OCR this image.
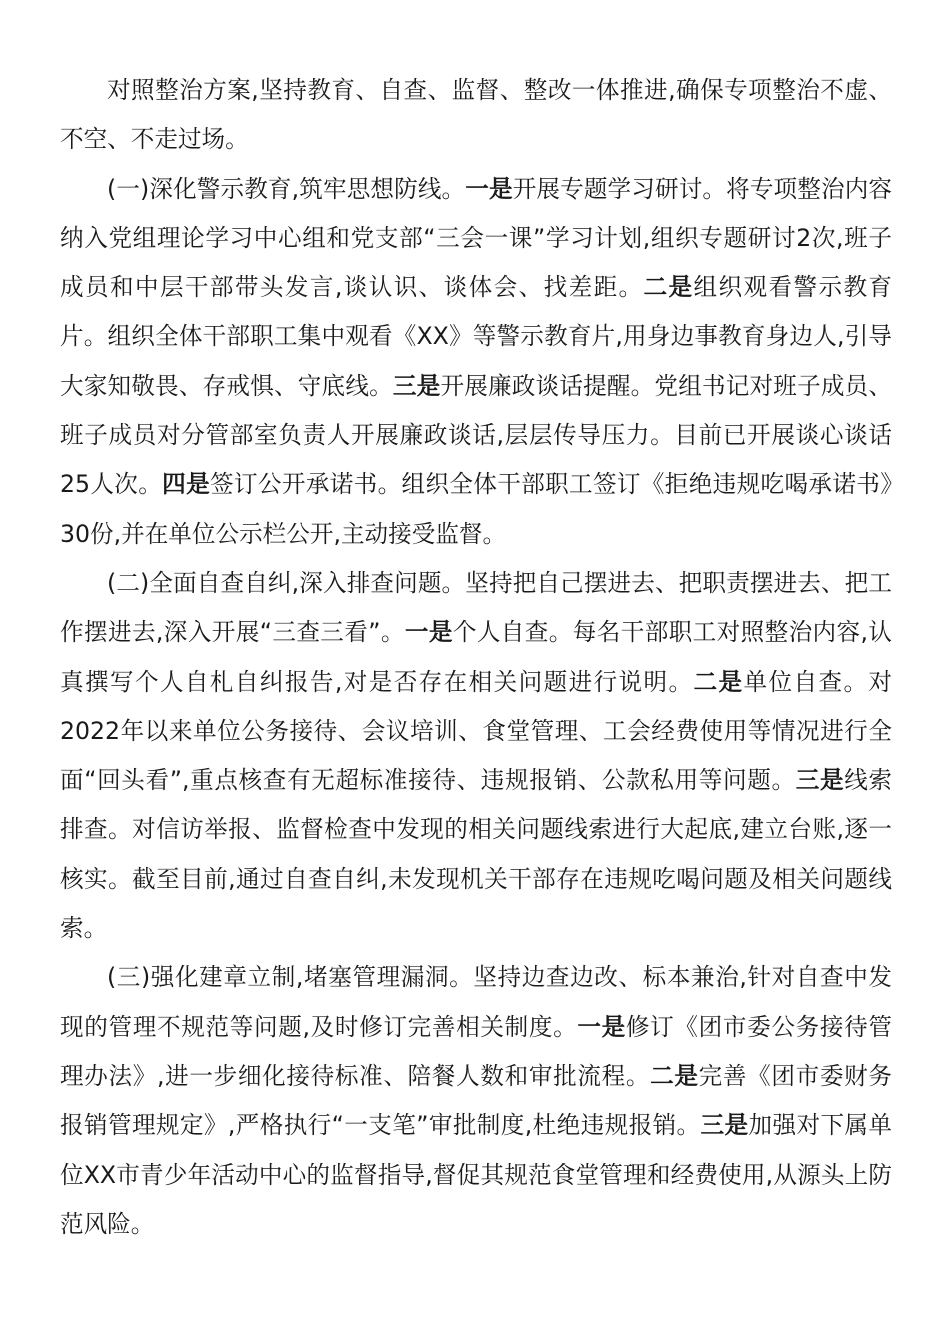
对照整治方案,坚持教育、自查、监督、整改一体推进,确保专项整治不虚、不空、不走过场。

(一)深化警示教育,筑牢思想防线。一是开展专题学习研讨。将专项整治内容纳入党组理论学习中心组和党支部“三会一课”学习计划,组织专题研讨2次,班子成员和中层干部带头发言,谈认识、谈体会、找差距。二是组织观看警示教育片。组织全体干部职工集中观看《XX》等警示教育片,用身边事教育身边人,引导大家知敬畏、存戒惧、守底线。三是开展廉政谈话提醒。党组书记对班子成员、班子成员对分管部室负责人开展廉政谈话,层层传导压力。目前已开展谈心谈话25人次。四是签订公开承诺书。组织全体干部职工签订《拒绝违规吃喝承诺书》30份,并在单位公示栏公开,主动接受监督。

(二)全面自查自纠,深入排查问题。坚持把自己摆进去、把职责摆进去、把工作摆进去,深入开展“三查三看”。一是个人自查。每名干部职工对照整治内容,认真撰写个人自札自纠报告,对是否存在相关问题进行说明。二是单位自查。对2022年以来单位公务接待、会议培训、食堂管理、工会经费使用等情况进行全面“回头看”,重点核查有无超标准接待、违规报销、公款私用等问题。三是线索排查。对信访举报、监督检查中发现的相关问题线索进行大起底,建立台账,逐一核实。截至目前,通过自查自纠,未发现机关干部存在违规吃喝问题及相关问题线索。

(三)强化建章立制,堵塞管理漏洞。坚持边查边改、标本兼治,针对自查中发现的管理不规范等问题,及时修订完善相关制度。一是修订《团市委公务接待管理办法》,进一步细化接待标准、陪餐人数和审批流程。二是完善《团市委财务报销管理规定》,严格执行“一支笔”审批制度,杜绝违规报销。三是加强对下属单位XX市青少年活动中心的监督指导,督促其规范食堂管理和经费使用,从源头上防范风险。
